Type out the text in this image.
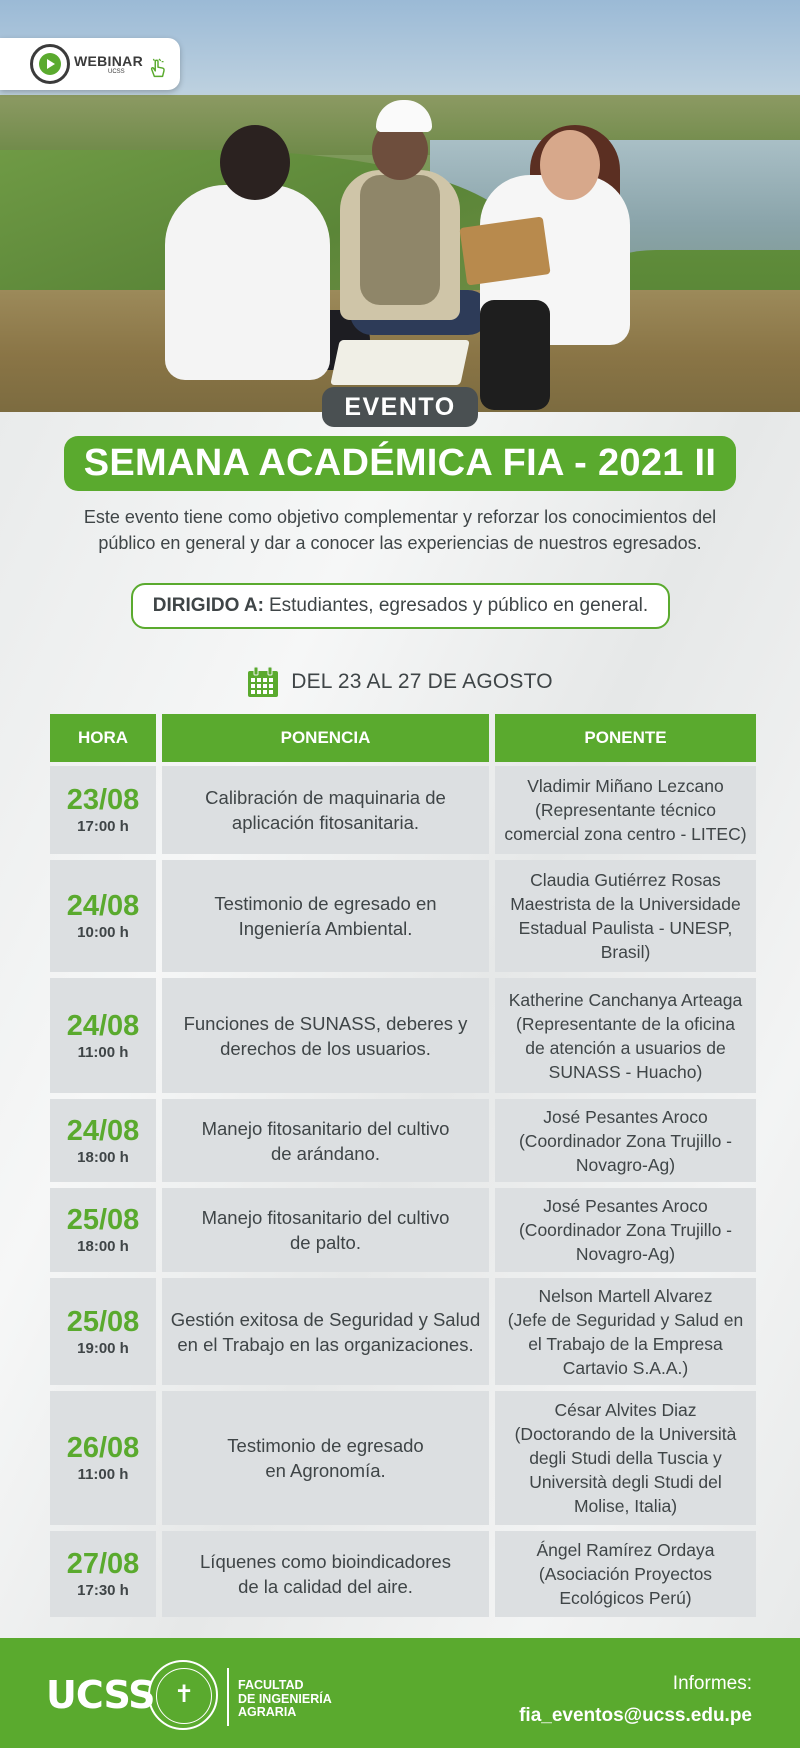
WEBINAR
UCSS
EVENTO
SEMANA ACADÉMICA FIA - 2021 II
Este evento tiene como objetivo complementar y reforzar los conocimientos del
público en general y dar a conocer las experiencias de nuestros egresados.
DIRIGIDO A: Estudiantes, egresados y público en general.
DEL 23 AL 27 DE AGOSTO
HORA	PONENCIA	PONENTE
23/08
17:00 h
Calibración de maquinaria de
aplicación fitosanitaria.
Vladimir Miñano Lezcano
(Representante técnico
comercial zona centro - LITEC)
24/08
10:00 h
Testimonio de egresado en
Ingeniería Ambiental.
Claudia Gutiérrez Rosas
Maestrista de la Universidade
Estadual Paulista - UNESP,
Brasil)
24/08
11:00 h
Funciones de SUNASS, deberes y
derechos de los usuarios.
Katherine Canchanya Arteaga
(Representante de la oficina
de atención a usuarios de
SUNASS - Huacho)
24/08
18:00 h
Manejo fitosanitario del cultivo
de arándano.
José Pesantes Aroco
(Coordinador Zona Trujillo -
Novagro-Ag)
25/08
18:00 h
Manejo fitosanitario del cultivo
de palto.
José Pesantes Aroco
(Coordinador Zona Trujillo -
Novagro-Ag)
25/08
19:00 h
Gestión exitosa de Seguridad y Salud
en el Trabajo en las organizaciones.
Nelson Martell Alvarez
(Jefe de Seguridad y Salud en
el Trabajo de la Empresa
Cartavio S.A.A.)
26/08
11:00 h
Testimonio de egresado
en Agronomía.
César Alvites Diaz
(Doctorando de la Università
degli Studi della Tuscia y
Università degli Studi del
Molise, Italia)
27/08
17:30 h
Líquenes como bioindicadores
de la calidad del aire.
Ángel Ramírez Ordaya
(Asociación Proyectos
Ecológicos Perú)
UCSS
✝	FACULTAD
DE INGENIERÍA
AGRARIA
Informes:
fia_eventos@ucss.edu.pe
